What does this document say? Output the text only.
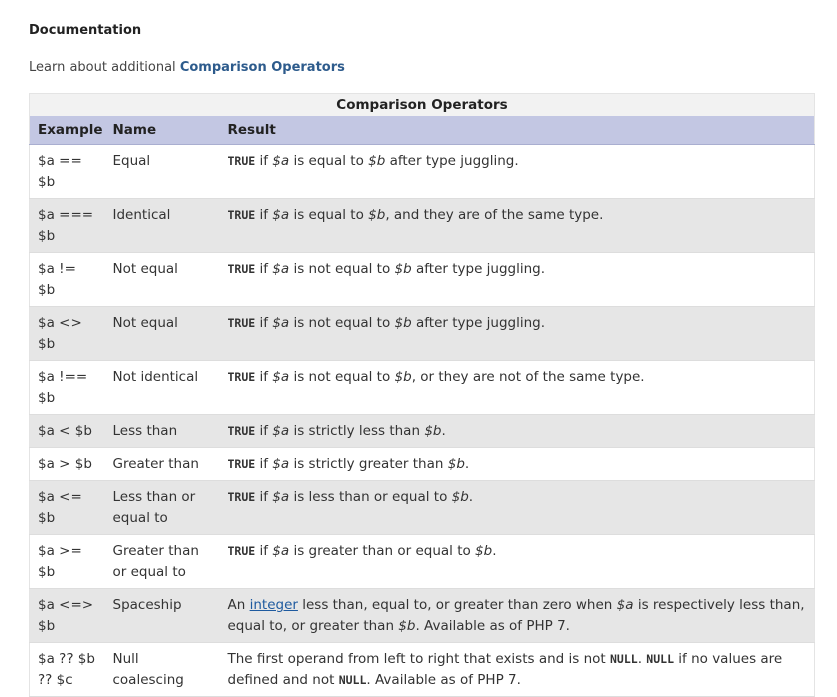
Documentation
Learn about additional Comparison Operators
Comparison Operators
Example	Name	Result
$a == $b	Equal	TRUE if $a is equal to $b after type juggling.
$a === $b	Identical	TRUE if $a is equal to $b, and they are of the same type.
$a != $b	Not equal	TRUE if $a is not equal to $b after type juggling.
$a <> $b	Not equal	TRUE if $a is not equal to $b after type juggling.
$a !== $b	Not identical	TRUE if $a is not equal to $b, or they are not of the same type.
$a < $b	Less than	TRUE if $a is strictly less than $b.
$a > $b	Greater than	TRUE if $a is strictly greater than $b.
$a <= $b	Less than or equal to	TRUE if $a is less than or equal to $b.
$a >= $b	Greater than or equal to	TRUE if $a is greater than or equal to $b.
$a <=> $b	Spaceship	An integer less than, equal to, or greater than zero when $a is respectively less than, equal to, or greater than $b. Available as of PHP 7.
$a ?? $b ?? $c	Null coalescing	The first operand from left to right that exists and is not NULL. NULL if no values are defined and not NULL. Available as of PHP 7.
